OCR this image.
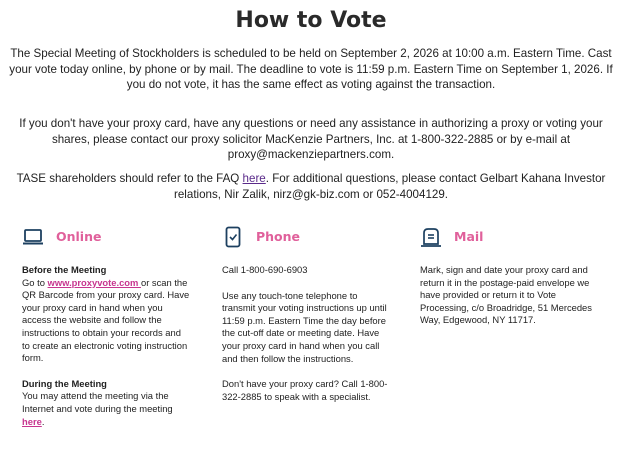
How to Vote
The Special Meeting of Stockholders is scheduled to be held on September 2, 2026 at 10:00 a.m. Eastern Time. Cast your vote today online, by phone or by mail. The deadline to vote is 11:59 p.m. Eastern Time on September 1, 2026. If you do not vote, it has the same effect as voting against the transaction.
If you don't have your proxy card, have any questions or need any assistance in authorizing a proxy or voting your shares, please contact our proxy solicitor MacKenzie Partners, Inc. at 1-800-322-2885 or by e-mail at proxy@mackenziepartners.com.
TASE shareholders should refer to the FAQ here. For additional questions, please contact Gelbart Kahana Investor relations, Nir Zalik, nirz@gk-biz.com or 052-4004129.
Online
Before the Meeting
Go to www.proxyvote.com or scan the QR Barcode from your proxy card. Have your proxy card in hand when you access the website and follow the instructions to obtain your records and to create an electronic voting instruction form.
During the Meeting
You may attend the meeting via the Internet and vote during the meeting here.
Phone
Call 1-800-690-6903
Use any touch-tone telephone to transmit your voting instructions up until 11:59 p.m. Eastern Time the day before the cut-off date or meeting date. Have your proxy card in hand when you call and then follow the instructions.
Don't have your proxy card? Call 1-800-322-2885 to speak with a specialist.
Mail
Mark, sign and date your proxy card and return it in the postage-paid envelope we have provided or return it to Vote Processing, c/o Broadridge, 51 Mercedes Way, Edgewood, NY 11717.
